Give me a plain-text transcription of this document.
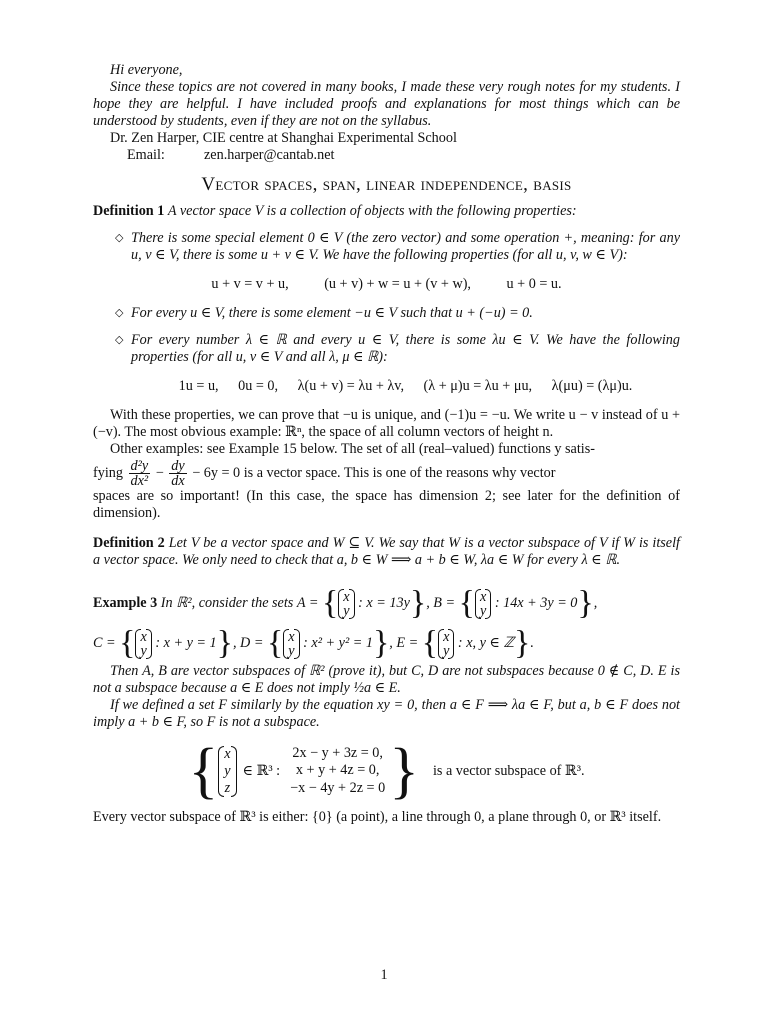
Hi everyone,

Since these topics are not covered in many books, I made these very rough notes for my students. I hope they are helpful. I have included proofs and explanations for most things which can be understood by students, even if they are not on the syllabus.

Dr. Zen Harper, CIE centre at Shanghai Experimental School

Email:	zen.harper@cantab.net

Vector spaces, span, linear independence, basis

Definition 1 A vector space V is a collection of objects with the following properties:

◇ There is some special element 0 ∈ V (the zero vector) and some operation +, meaning: for any u, v ∈ V, there is some u + v ∈ V. We have the following properties (for all u, v, w ∈ V):

u + v = v + u,	(u + v) + w = u + (v + w),	u + 0 = u.

◇ For every u ∈ V, there is some element −u ∈ V such that u + (−u) = 0.

◇ For every number λ ∈ ℝ and every u ∈ V, there is some λu ∈ V. We have the following properties (for all u, v ∈ V and all λ, μ ∈ ℝ):

1u = u, 0u = 0, λ(u + v) = λu + λv, (λ + μ)u = λu + μu, λ(μu) = (λμ)u.

With these properties, we can prove that −u is unique, and (−1)u = −u. We write u − v instead of u + (−v). The most obvious example: ℝⁿ, the space of all column vectors of height n.

Other examples: see Example 15 below. The set of all (real–valued) functions y satis-

fying $\frac{\text{d²y}}{\text{dx²}} - \frac{dy}{dx} - 6y = 0$ is a vector space. This is one of the reasons why vector

spaces are so important! (In this case, the space has dimension 2; see later for the definition of dimension).

Definition 2 Let V be a vector space and W ⊆ V. We say that W is a vector subspace of V if W is itself a vector space. We only need to check that a, b ∈ W ⟹ a + b ∈ W, λa ∈ W for every λ ∈ ℝ.

Example 3 In ℝ², consider the sets A = { x
y : x = 13y}, B = { x
y : 14x + 3y = 0},

C = { x
y : x + y = 1}, D = { x
y : x² + y² = 1}, E = { x
y : x, y ∈ ℤ}.

Then A, B are vector subspaces of ℝ² (prove it), but C, D are not subspaces because 0 ∉ C, D. E is not a subspace because a ∈ E does not imply ½a ∈ E.

If we defined a set F similarly by the equation xy = 0, then a ∈ F ⟹ λa ∈ F, but a, b ∈ F does not imply a + b ∈ F, so F is not a subspace.

{ x
y
z
∈ ℝ³ :
2x − y + 3z = 0,
x + y + 4z = 0,
−x − 4y + 2z = 0 } is a vector subspace of ℝ³.

Every vector subspace of ℝ³ is either: {0} (a point), a line through 0, a plane through 0, or ℝ³ itself.

1
